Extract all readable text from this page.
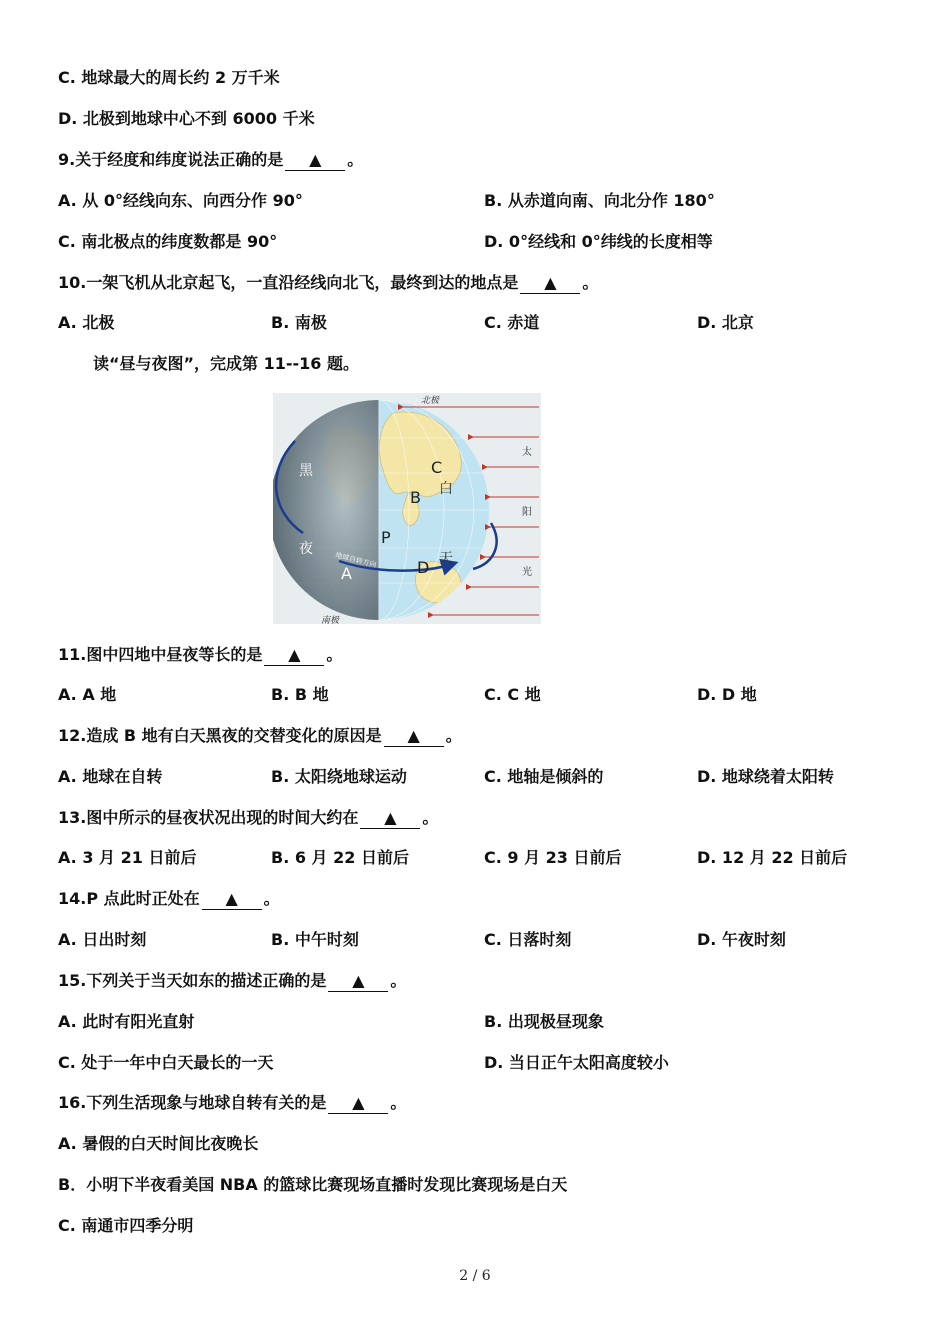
C. 地球最大的周长约 2 万千米
D. 北极到地球中心不到 6000 千米
9.关于经度和纬度说法正确的是 ▲ 。
A. 从 0°经线向东、向西分作 90°	B. 从赤道向南、向北分作 180°
C. 南北极点的纬度数都是 90°	D. 0°经线和 0°纬线的长度相等
10.一架飞机从北京起飞，一直沿经线向北飞，最终到达的地点是 ▲ 。
A. 北极	B. 南极	C. 赤道	D. 北京
读“昼与夜图”，完成第 11--16 题。
黑
夜
白
天
C
B
P
D
A
北极
南极
地球自转方向
太
阳
光
11.图中四地中昼夜等长的是 ▲ 。
A. A 地	B. B 地	C. C 地	D. D 地
12.造成 B 地有白天黑夜的交替变化的原因是 ▲ 。
A. 地球在自转	B. 太阳绕地球运动	C. 地轴是倾斜的	D. 地球绕着太阳转
13.图中所示的昼夜状况出现的时间大约在 ▲ 。
A. 3 月 21 日前后	B. 6 月 22 日前后	C. 9 月 23 日前后	D. 12 月 22 日前后
14.P 点此时正处在 ▲ 。
A. 日出时刻	B. 中午时刻	C. 日落时刻	D. 午夜时刻
15.下列关于当天如东的描述正确的是 ▲ 。
A. 此时有阳光直射	B. 出现极昼现象
C. 处于一年中白天最长的一天	D. 当日正午太阳高度较小
16.下列生活现象与地球自转有关的是 ▲ 。
A. 暑假的白天时间比夜晚长
B．小明下半夜看美国 NBA 的篮球比赛现场直播时发现比赛现场是白天
C. 南通市四季分明
2 / 6
